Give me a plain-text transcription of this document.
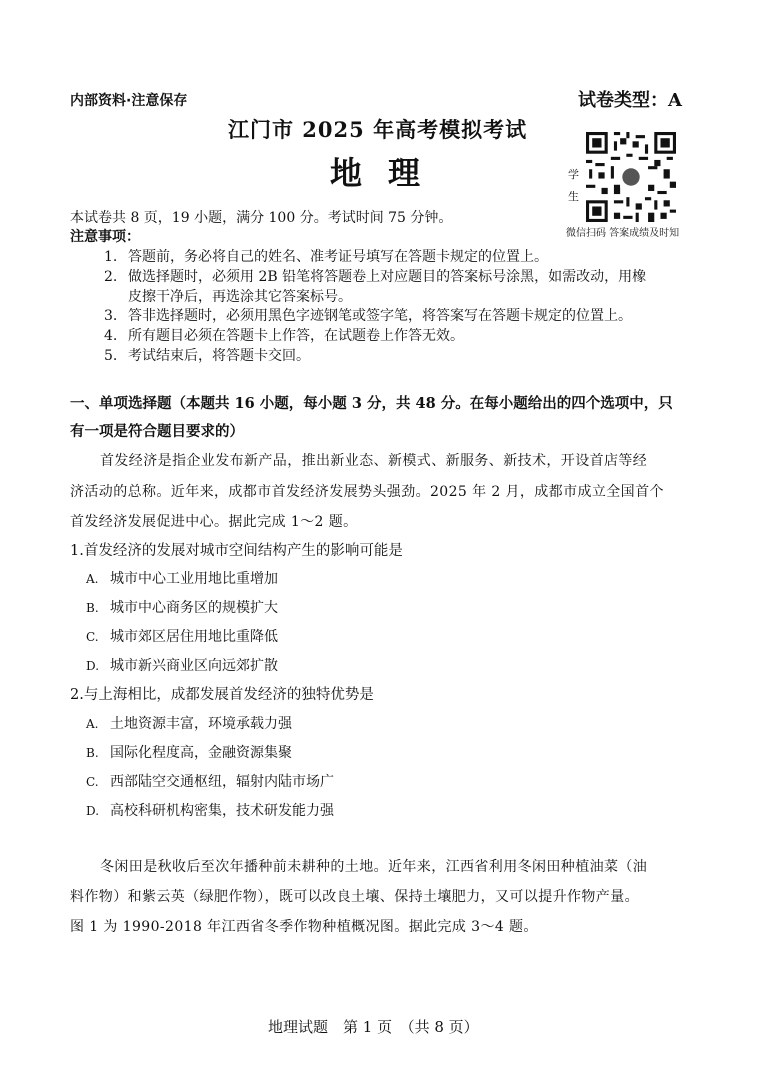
内部资料·注意保存	试卷类型：A
江门市 2025 年高考模拟考试
地理	学
生
微信扫码 答案成绩及时知
本试卷共 8 页，19 小题，满分 100 分。考试时间 75 分钟。
注意事项：
1. 答题前，务必将自己的姓名、准考证号填写在答题卡规定的位置上。
2. 做选择题时，必须用 2B 铅笔将答题卷上对应题目的答案标号涂黑，如需改动，用橡
皮擦干净后，再选涂其它答案标号。
3. 答非选择题时，必须用黑色字迹钢笔或签字笔，将答案写在答题卡规定的位置上。
4. 所有题目必须在答题卡上作答，在试题卷上作答无效。
5. 考试结束后，将答题卡交回。
一、单项选择题（本题共 16 小题，每小题 3 分，共 48 分。在每小题给出的四个选项中，只
有一项是符合题目要求的）
首发经济是指企业发布新产品，推出新业态、新模式、新服务、新技术，开设首店等经
济活动的总称。近年来，成都市首发经济发展势头强劲。2025 年 2 月，成都市成立全国首个
首发经济发展促进中心。据此完成 1～2 题。
1.首发经济的发展对城市空间结构产生的影响可能是
A. 城市中心工业用地比重增加
B. 城市中心商务区的规模扩大
C. 城市郊区居住用地比重降低
D. 城市新兴商业区向远郊扩散
2.与上海相比，成都发展首发经济的独特优势是
A. 土地资源丰富，环境承载力强
B. 国际化程度高，金融资源集聚
C. 西部陆空交通枢纽，辐射内陆市场广
D. 高校科研机构密集，技术研发能力强
冬闲田是秋收后至次年播种前未耕种的土地。近年来，江西省利用冬闲田种植油菜（油
料作物）和紫云英（绿肥作物），既可以改良土壤、保持土壤肥力，又可以提升作物产量。
图 1 为 1990-2018 年江西省冬季作物种植概况图。据此完成 3～4 题。
地理试题　第 1 页　（共 8 页）
